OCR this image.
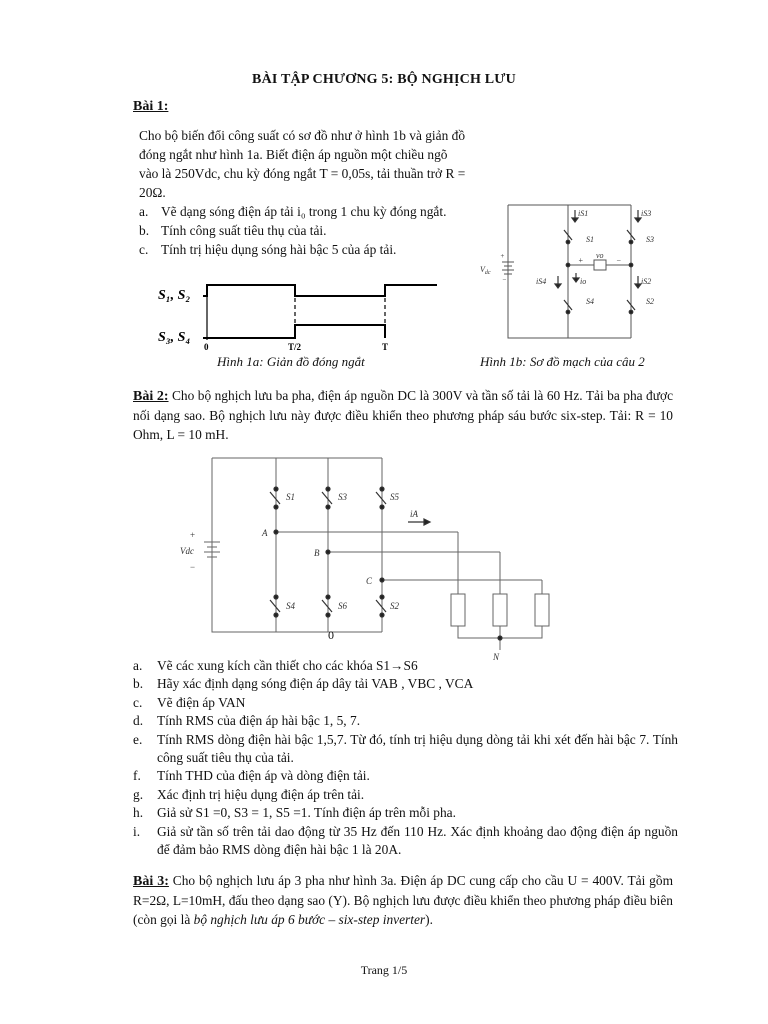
BÀI TẬP CHƯƠNG 5: BỘ NGHỊCH LƯU
Bài 1:
Cho bộ biến đổi công suất có sơ đồ như ở hình 1b và giản đồ đóng ngắt như hình 1a. Biết điện áp nguồn một chiều ngõ vào là 250Vdc, chu kỳ đóng ngắt T = 0,05s, tải thuần trở R = 20Ω.
a. Vẽ dạng sóng điện áp tải i₀ trong 1 chu kỳ đóng ngắt.
b. Tính công suất tiêu thụ của tải.
c. Tính trị hiệu dụng sóng hài bậc 5 của áp tải.
S₁, S₂
S₃, S₄
0	T/2	T
Hình 1a: Giản đồ đóng ngắt
$V_{dc}$
+
−
iS1	iS3
S1	S3
vo
+	−
iS4	io	iS2
S4	S2
Hình 1b: Sơ đồ mạch của câu 2
Bài 2: Cho bộ nghịch lưu ba pha, điện áp nguồn DC là 300V và tần số tải là 60 Hz. Tải ba pha được nối dạng sao. Bộ nghịch lưu này được điều khiển theo phương pháp sáu bước six-step. Tải: R = 10 Ohm, L = 10 mH.
S1	S3	S5
S4	S6	S2
A
B
C
iA
Vdc
+
−
N
0
a. Vẽ các xung kích cần thiết cho các khóa S1→S6
b. Hãy xác định dạng sóng điện áp dây tải VAB , VBC , VCA
c. Vẽ điện áp VAN
d. Tính RMS của điện áp hài bậc 1, 5, 7.
e. Tính RMS dòng điện hài bậc 1,5,7. Từ đó, tính trị hiệu dụng dòng tải khi xét đến hài bậc 7. Tính công suất tiêu thụ của tải.
f. Tính THD của điện áp và dòng điện tải.
g. Xác định trị hiệu dụng điện áp trên tải.
h. Giả sử S1 =0, S3 = 1, S5 =1. Tính điện áp trên mỗi pha.
i. Giả sử tần số trên tải dao động từ 35 Hz đến 110 Hz. Xác định khoảng dao động điện áp nguồn để đảm bảo RMS dòng điện hài bậc 1 là 20A.
Bài 3: Cho bộ nghịch lưu áp 3 pha như hình 3a. Điện áp DC cung cấp cho cầu U = 400V. Tải gồm R=2Ω, L=10mH, đấu theo dạng sao (Y). Bộ nghịch lưu được điều khiển theo phương pháp điều biên (còn gọi là bộ nghịch lưu áp 6 bước – six-step inverter).
Trang 1/5
